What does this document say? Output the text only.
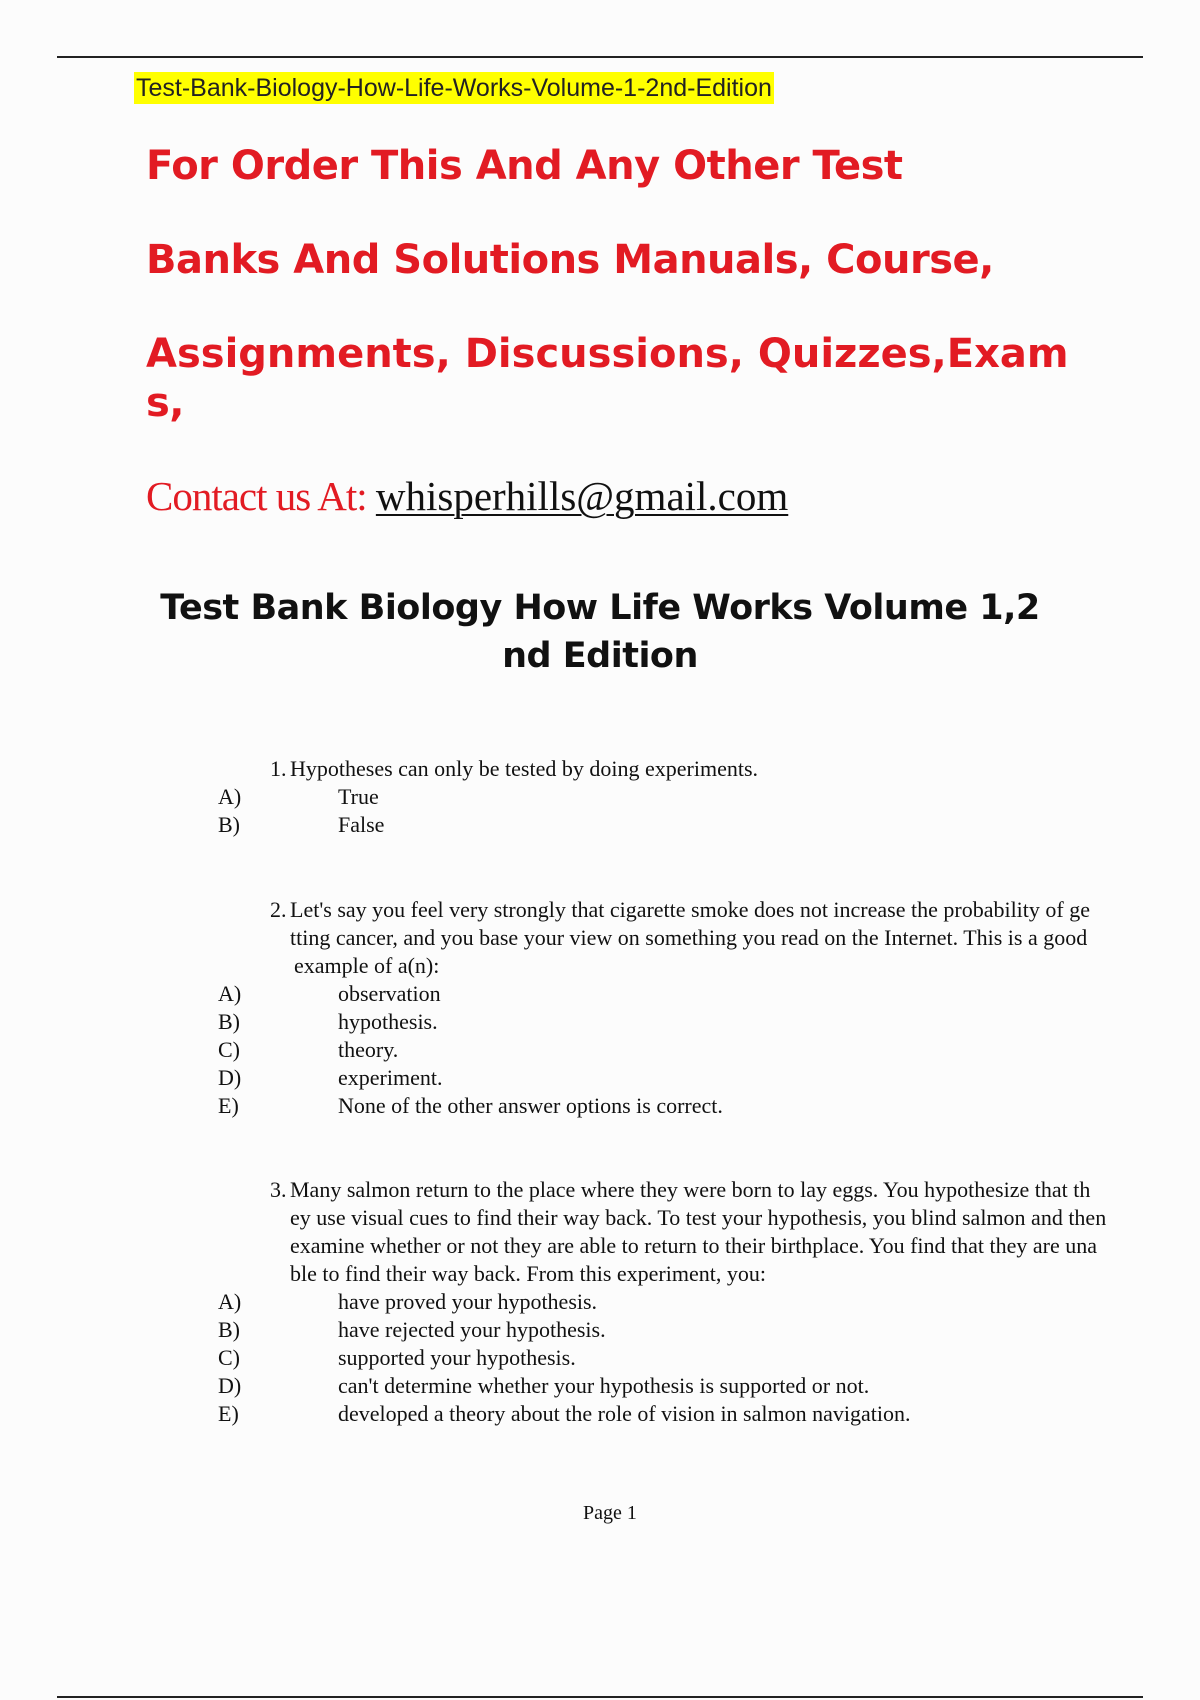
Test-Bank-Biology-How-Life-Works-Volume-1-2nd-Edition
For Order This And Any Other Test
Banks And Solutions Manuals, Course,
Assignments, Discussions, Quizzes,Exam
s,
Contact us At: whisperhills@gmail.com
Test Bank Biology How Life Works Volume 1,2
nd Edition
1. Hypotheses can only be tested by doing experiments.
A)	True
B)	False
2. Let's say you feel very strongly that cigarette smoke does not increase the probability of ge
tting cancer, and you base your view on something you read on the Internet. This is a good
example of a(n):
A)	observation
B)	hypothesis.
C)	theory.
D)	experiment.
E)	None of the other answer options is correct.
3. Many salmon return to the place where they were born to lay eggs. You hypothesize that th
ey use visual cues to find their way back. To test your hypothesis, you blind salmon and then
examine whether or not they are able to return to their birthplace. You find that they are una
ble to find their way back. From this experiment, you:
A)	have proved your hypothesis.
B)	have rejected your hypothesis.
C)	supported your hypothesis.
D)	can't determine whether your hypothesis is supported or not.
E)	developed a theory about the role of vision in salmon navigation.
Page 1
